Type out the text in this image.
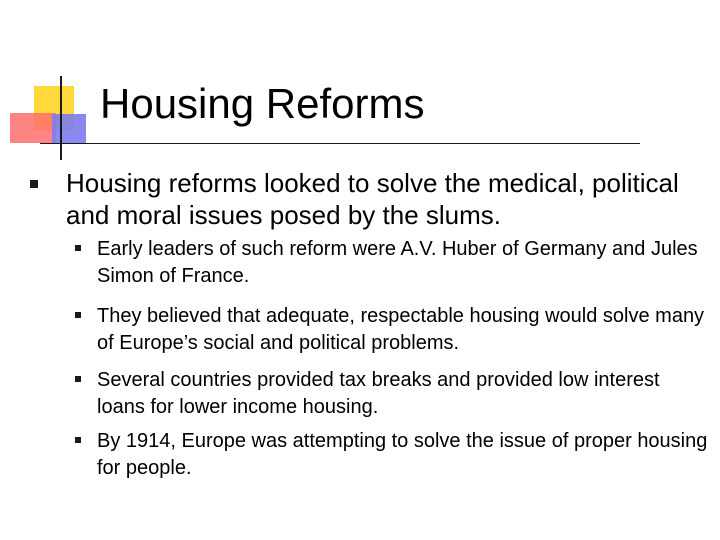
Housing Reforms
Housing reforms looked to solve the medical, political and moral issues posed by the slums.
Early leaders of such reform were A.V. Huber of Germany and Jules Simon of France.
They believed that adequate, respectable housing would solve many of Europe’s social and political problems.
Several countries provided tax breaks and provided low interest loans for lower income housing.
By 1914, Europe was attempting to solve the issue of proper housing for people.
